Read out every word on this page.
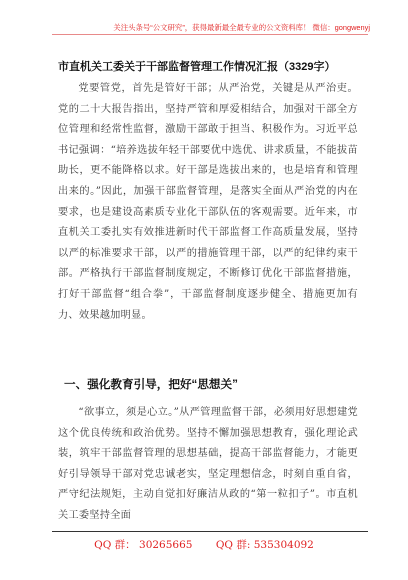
关注头条号“公文研究”，获得最新最全最专业的公文资料库！ 微信：gongwenyj
市直机关工委关于干部监督管理工作情况汇报（3329字）

党要管党，首先是管好干部；从严治党，关键是从严治吏。党的二十大报告指出，坚持严管和厚爱相结合，加强对干部全方位管理和经常性监督，激励干部敢于担当、积极作为。习近平总书记强调：“培养选拔年轻干部要优中选优、讲求质量，不能拔苗助长，更不能降格以求。好干部是选拔出来的，也是培育和管理出来的。”因此，加强干部监督管理，是落实全面从严治党的内在要求，也是建设高素质专业化干部队伍的客观需要。近年来，市直机关工委扎实有效推进新时代干部监督工作高质量发展，坚持以严的标准要求干部，以严的措施管理干部，以严的纪律约束干部。严格执行干部监督制度规定，不断修订优化干部监督措施，打好干部监督“组合拳”，干部监督制度逐步健全、措施更加有力、效果越加明显。

一、强化教育引导，把好“思想关”

“欲事立，须是心立。”从严管理监督干部，必须用好思想建党这个优良传统和政治优势。坚持不懈加强思想教育，强化理论武装，筑牢干部监督管理的思想基础，提高干部监督能力，才能更好引导领导干部对党忠诚老实，坚定理想信念，时刻自重自省，严守纪法规矩，主动自觉扣好廉洁从政的“第一粒扣子”。市直机关工委坚持全面

QQ 群： 30265665 QQ 群: 535304092
